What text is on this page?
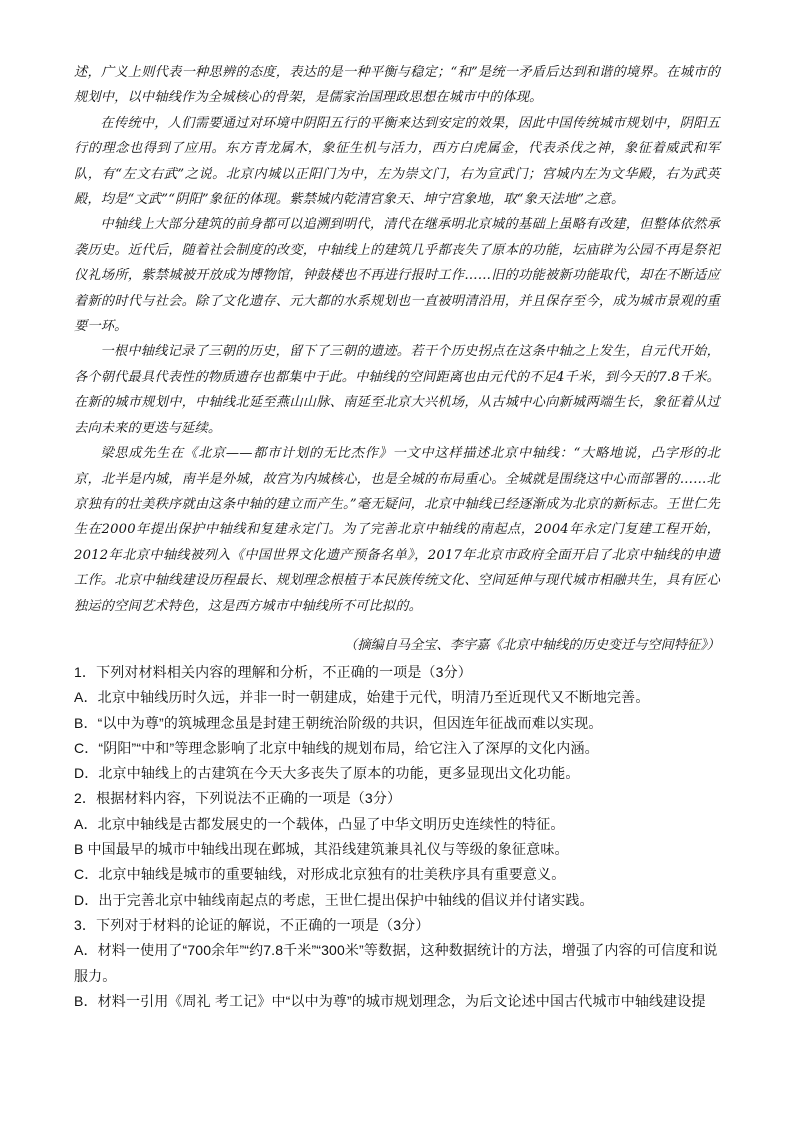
述，广义上则代表一种思辨的态度，表达的是一种平衡与稳定；“和”是统一矛盾后达到和谐的境界。在城市的规划中，以中轴线作为全城核心的骨架，是儒家治国理政思想在城市中的体现。

在传统中，人们需要通过对环境中阴阳五行的平衡来达到安定的效果，因此中国传统城市规划中，阴阳五行的理念也得到了应用。东方青龙属木，象征生机与活力，西方白虎属金，代表杀伐之神，象征着威武和军队，有“左文右武”之说。北京内城以正阳门为中，左为崇文门，右为宣武门；宫城内左为文华殿，右为武英殿，均是“文武”“阴阳”象征的体现。紫禁城内乾清宫象天、坤宁宫象地，取“象天法地”之意。

中轴线上大部分建筑的前身都可以追溯到明代，清代在继承明北京城的基础上虽略有改建，但整体依然承袭历史。近代后，随着社会制度的改变，中轴线上的建筑几乎都丧失了原本的功能，坛庙辟为公园不再是祭祀仪礼场所，紫禁城被开放成为博物馆，钟鼓楼也不再进行报时工作……旧的功能被新功能取代，却在不断适应着新的时代与社会。除了文化遗存、元大都的水系规划也一直被明清沿用，并且保存至今，成为城市景观的重要一环。

一根中轴线记录了三朝的历史，留下了三朝的遗迹。若干个历史拐点在这条中轴之上发生，自元代开始，各个朝代最具代表性的物质遗存也都集中于此。中轴线的空间距离也由元代的不足4千米，到今天的7.8千米。在新的城市规划中，中轴线北延至燕山山脉、南延至北京大兴机场，从古城中心向新城两端生长，象征着从过去向未来的更迭与延续。

梁思成先生在《北京——都市计划的无比杰作》一文中这样描述北京中轴线：“大略地说，凸字形的北京，北半是内城，南半是外城，故宫为内城核心，也是全城的布局重心。全城就是围绕这中心而部署的……北京独有的壮美秩序就由这条中轴的建立而产生。”毫无疑问，北京中轴线已经逐渐成为北京的新标志。王世仁先生在2000年提出保护中轴线和复建永定门。为了完善北京中轴线的南起点，2004年永定门复建工程开始，2012年北京中轴线被列入《中国世界文化遗产预备名单》，2017年北京市政府全面开启了北京中轴线的申遗工作。北京中轴线建设历程最长、规划理念根植于本民族传统文化、空间延伸与现代城市相融共生，具有匠心独运的空间艺术特色，这是西方城市中轴线所不可比拟的。

（摘编自马全宝、李宇嘉《北京中轴线的历史变迁与空间特征》）
1．下列对材料相关内容的理解和分析，不正确的一项是（3分）
A．北京中轴线历时久远，并非一时一朝建成，始建于元代，明清乃至近现代又不断地完善。
B．“以中为尊”的筑城理念虽是封建王朝统治阶级的共识，但因连年征战而难以实现。
C．“阴阳”“中和”等理念影响了北京中轴线的规划布局，给它注入了深厚的文化内涵。
D．北京中轴线上的古建筑在今天大多丧失了原本的功能，更多显现出文化功能。
2．根据材料内容，下列说法不正确的一项是（3分）
A．北京中轴线是古都发展史的一个载体，凸显了中华文明历史连续性的特征。
B 中国最早的城市中轴线出现在邺城，其沿线建筑兼具礼仪与等级的象征意味。
C．北京中轴线是城市的重要轴线，对形成北京独有的壮美秩序具有重要意义。
D．出于完善北京中轴线南起点的考虑，王世仁提出保护中轴线的倡议并付诸实践。
3．下列对于材料的论证的解说，不正确的一项是（3分）
A．材料一使用了“700余年”“约7.8千米”“300米”等数据，这种数据统计的方法，增强了内容的可信度和说服力。
B．材料一引用《周礼 考工记》中“以中为尊”的城市规划理念，为后文论述中国古代城市中轴线建设提
